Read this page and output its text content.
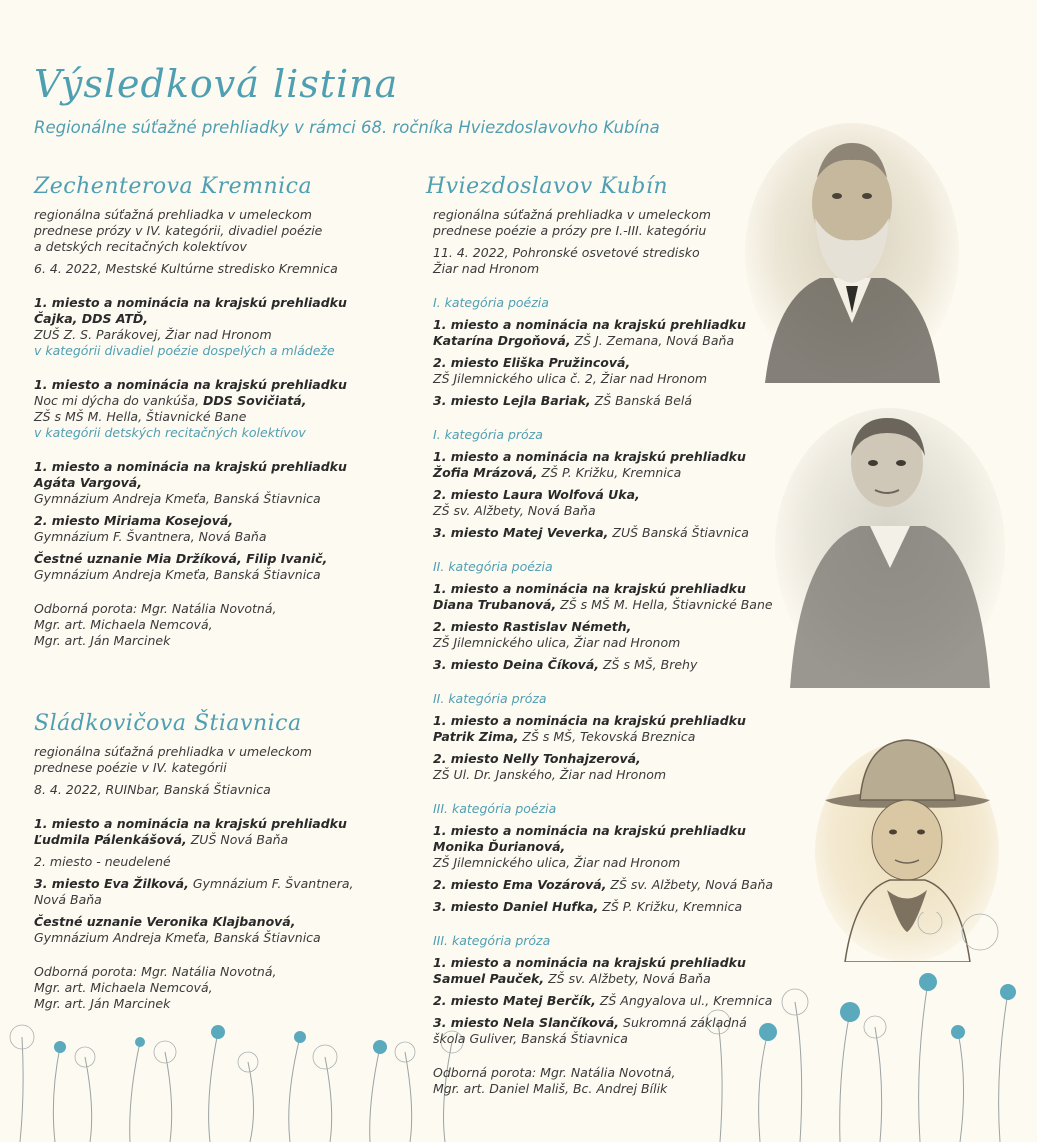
Výsledková listina

Regionálne súťažné prehliadky v rámci 68. ročníka Hviezdoslavovho Kubína

Zechenterova Kremnica

regionálna súťažná prehliadka v umeleckom

prednese prózy v IV. kategórii, divadiel poézie

a detských recitačných kolektívov

6. 4. 2022, Mestské Kultúrne stredisko Kremnica

1. miesto a nominácia na krajskú prehliadku

Čajka, DDS ATĎ,

ZUŠ Z. S. Parákovej, Žiar nad Hronom

v kategórii divadiel poézie dospelých a mládeže

1. miesto a nominácia na krajskú prehliadku

Noc mi dýcha do vankúša, DDS Sovičiatá,

ZŠ s MŠ M. Hella, Štiavnické Bane

v kategórii detských recitačných kolektívov

1. miesto a nominácia na krajskú prehliadku

Agáta Vargová,

Gymnázium Andreja Kmeťa, Banská Štiavnica

2. miesto Miriama Kosejová,

Gymnázium F. Švantnera, Nová Baňa

Čestné uznanie Mia Držíková, Filip Ivanič,

Gymnázium Andreja Kmeťa, Banská Štiavnica

Odborná porota: Mgr. Natália Novotná,

Mgr. art. Michaela Nemcová,

Mgr. art. Ján Marcinek

Sládkovičova Štiavnica

regionálna súťažná prehliadka v umeleckom

prednese poézie v IV. kategórii

8. 4. 2022, RUINbar, Banská Štiavnica

1. miesto a nominácia na krajskú prehliadku

Ľudmila Pálenkášová, ZUŠ Nová Baňa

2. miesto - neudelené

3. miesto Eva Žilková, Gymnázium F. Švantnera,

Nová Baňa

Čestné uznanie Veronika Klajbanová,

Gymnázium Andreja Kmeťa, Banská Štiavnica

Odborná porota: Mgr. Natália Novotná,

Mgr. art. Michaela Nemcová,

Mgr. art. Ján Marcinek

Hviezdoslavov Kubín

regionálna súťažná prehliadka v umeleckom

prednese poézie a prózy pre I.-III. kategóriu

11. 4. 2022, Pohronské osvetové stredisko

Žiar nad Hronom

I. kategória poézia

1. miesto a nominácia na krajskú prehliadku

Katarína Drgoňová, ZŠ J. Zemana, Nová Baňa

2. miesto Eliška Pružincová,

ZŠ Jilemnického ulica č. 2, Žiar nad Hronom

3. miesto Lejla Bariak, ZŠ Banská Belá

I. kategória próza

1. miesto a nominácia na krajskú prehliadku

Žofia Mrázová, ZŠ P. Križku, Kremnica

2. miesto Laura Wolfová Uka,

ZŠ sv. Alžbety, Nová Baňa

3. miesto Matej Veverka, ZUŠ Banská Štiavnica

II. kategória poézia

1. miesto a nominácia na krajskú prehliadku

Diana Trubanová, ZŠ s MŠ M. Hella, Štiavnické Bane

2. miesto Rastislav Németh,

ZŠ Jilemnického ulica, Žiar nad Hronom

3. miesto Deina Číková, ZŠ s MŠ, Brehy

II. kategória próza

1. miesto a nominácia na krajskú prehliadku

Patrik Zima, ZŠ s MŠ, Tekovská Breznica

2. miesto Nelly Tonhajzerová,

ZŠ Ul. Dr. Janského, Žiar nad Hronom

III. kategória poézia

1. miesto a nominácia na krajskú prehliadku

Monika Ďurianová,

ZŠ Jilemnického ulica, Žiar nad Hronom

2. miesto Ema Vozárová, ZŠ sv. Alžbety, Nová Baňa

3. miesto Daniel Hufka, ZŠ P. Križku, Kremnica

III. kategória próza

1. miesto a nominácia na krajskú prehliadku

Samuel Pauček, ZŠ sv. Alžbety, Nová Baňa

2. miesto Matej Berčík, ZŠ Angyalova ul., Kremnica

3. miesto Nela Slančíková, Sukromná základná

škola Guliver, Banská Štiavnica

Odborná porota: Mgr. Natália Novotná,

Mgr. art. Daniel Mališ, Bc. Andrej Bílik
